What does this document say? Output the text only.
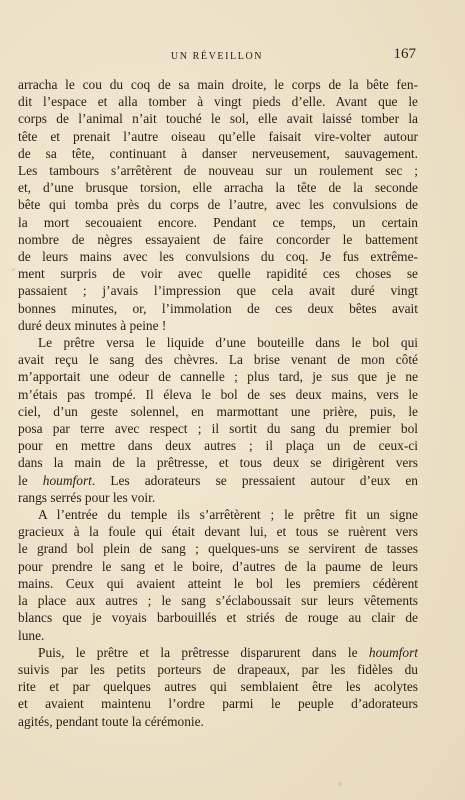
UN RÉVEILLON	167
arracha le cou du coq de sa main droite, le corps de la bête fen-
dit l’espace et alla tomber à vingt pieds d’elle. Avant que le
corps de l’animal n’ait touché le sol, elle avait laissé tomber la
tête et prenait l’autre oiseau qu’elle faisait vire-volter autour
de sa tête, continuant à danser nerveusement, sauvagement.
Les tambours s’arrêtèrent de nouveau sur un roulement sec ;
et, d’une brusque torsion, elle arracha la tête de la seconde
bête qui tomba près du corps de l’autre, avec les convulsions de
la mort secouaient encore. Pendant ce temps, un certain
nombre de nègres essayaient de faire concorder le battement
de leurs mains avec les convulsions du coq. Je fus extrême-
ment surpris de voir avec quelle rapidité ces choses se
passaient ; j’avais l’impression que cela avait duré vingt
bonnes minutes, or, l’immolation de ces deux bêtes avait
duré deux minutes à peine !
Le prêtre versa le liquide d’une bouteille dans le bol qui
avait reçu le sang des chèvres. La brise venant de mon côté
m’apportait une odeur de cannelle ; plus tard, je sus que je ne
m’étais pas trompé. Il éleva le bol de ses deux mains, vers le
ciel, d’un geste solennel, en marmottant une prière, puis, le
posa par terre avec respect ; il sortit du sang du premier bol
pour en mettre dans deux autres ; il plaça un de ceux-ci
dans la main de la prêtresse, et tous deux se dirigèrent vers
le houmfort. Les adorateurs se pressaient autour d’eux en
rangs serrés pour les voir.
A l’entrée du temple ils s’arrêtèrent ; le prêtre fit un signe
gracieux à la foule qui était devant lui, et tous se ruèrent vers
le grand bol plein de sang ; quelques-uns se servirent de tasses
pour prendre le sang et le boire, d’autres de la paume de leurs
mains. Ceux qui avaient atteint le bol les premiers cédèrent
la place aux autres ; le sang s’éclaboussait sur leurs vêtements
blancs que je voyais barbouillés et striés de rouge au clair de
lune.
Puis, le prêtre et la prêtresse disparurent dans le houmfort
suivis par les petits porteurs de drapeaux, par les fidèles du
rite et par quelques autres qui semblaient être les acolytes
et avaient maintenu l’ordre parmi le peuple d’adorateurs
agités, pendant toute la cérémonie.
